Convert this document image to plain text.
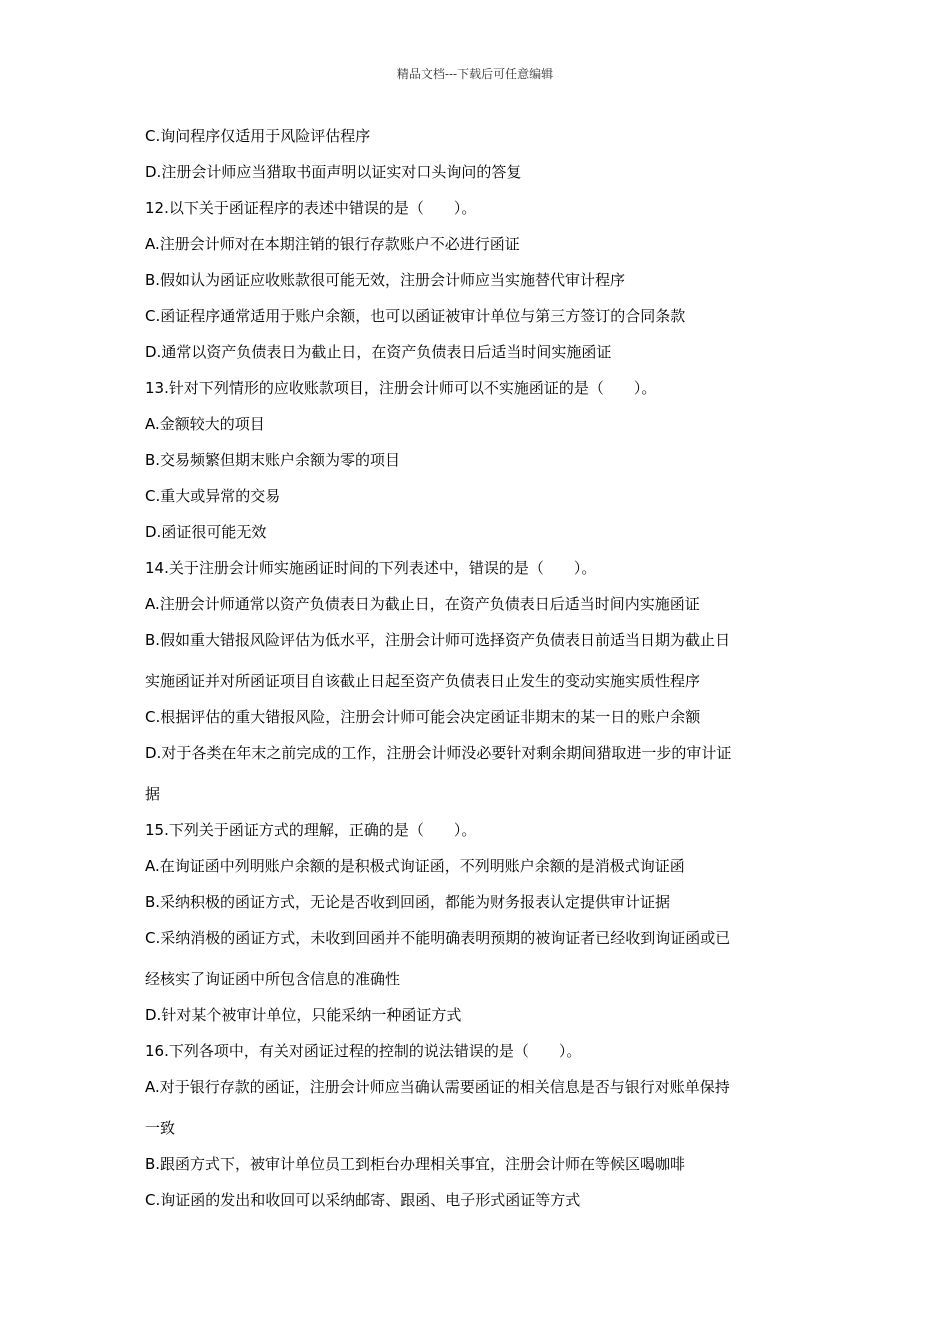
精品文档---下载后可任意编辑
C.询问程序仅适用于风险评估程序
D.注册会计师应当猎取书面声明以证实对口头询问的答复
12.以下关于函证程序的表述中错误的是（　　）。
A.注册会计师对在本期注销的银行存款账户不必进行函证
B.假如认为函证应收账款很可能无效，注册会计师应当实施替代审计程序
C.函证程序通常适用于账户余额，也可以函证被审计单位与第三方签订的合同条款
D.通常以资产负债表日为截止日，在资产负债表日后适当时间实施函证
13.针对下列情形的应收账款项目，注册会计师可以不实施函证的是（　　）。
A.金额较大的项目
B.交易频繁但期末账户余额为零的项目
C.重大或异常的交易
D.函证很可能无效
14.关于注册会计师实施函证时间的下列表述中，错误的是（　　）。
A.注册会计师通常以资产负债表日为截止日，在资产负债表日后适当时间内实施函证
B.假如重大错报风险评估为低水平，注册会计师可选择资产负债表日前适当日期为截止日
实施函证并对所函证项目自该截止日起至资产负债表日止发生的变动实施实质性程序
C.根据评估的重大错报风险，注册会计师可能会决定函证非期末的某一日的账户余额
D.对于各类在年末之前完成的工作，注册会计师没必要针对剩余期间猎取进一步的审计证
据
15.下列关于函证方式的理解，正确的是（　　）。
A.在询证函中列明账户余额的是积极式询证函，不列明账户余额的是消极式询证函
B.采纳积极的函证方式，无论是否收到回函，都能为财务报表认定提供审计证据
C.采纳消极的函证方式，未收到回函并不能明确表明预期的被询证者已经收到询证函或已
经核实了询证函中所包含信息的准确性
D.针对某个被审计单位，只能采纳一种函证方式
16.下列各项中，有关对函证过程的控制的说法错误的是（　　）。
A.对于银行存款的函证，注册会计师应当确认需要函证的相关信息是否与银行对账单保持
一致
B.跟函方式下，被审计单位员工到柜台办理相关事宜，注册会计师在等候区喝咖啡
C.询证函的发出和收回可以采纳邮寄、跟函、电子形式函证等方式
